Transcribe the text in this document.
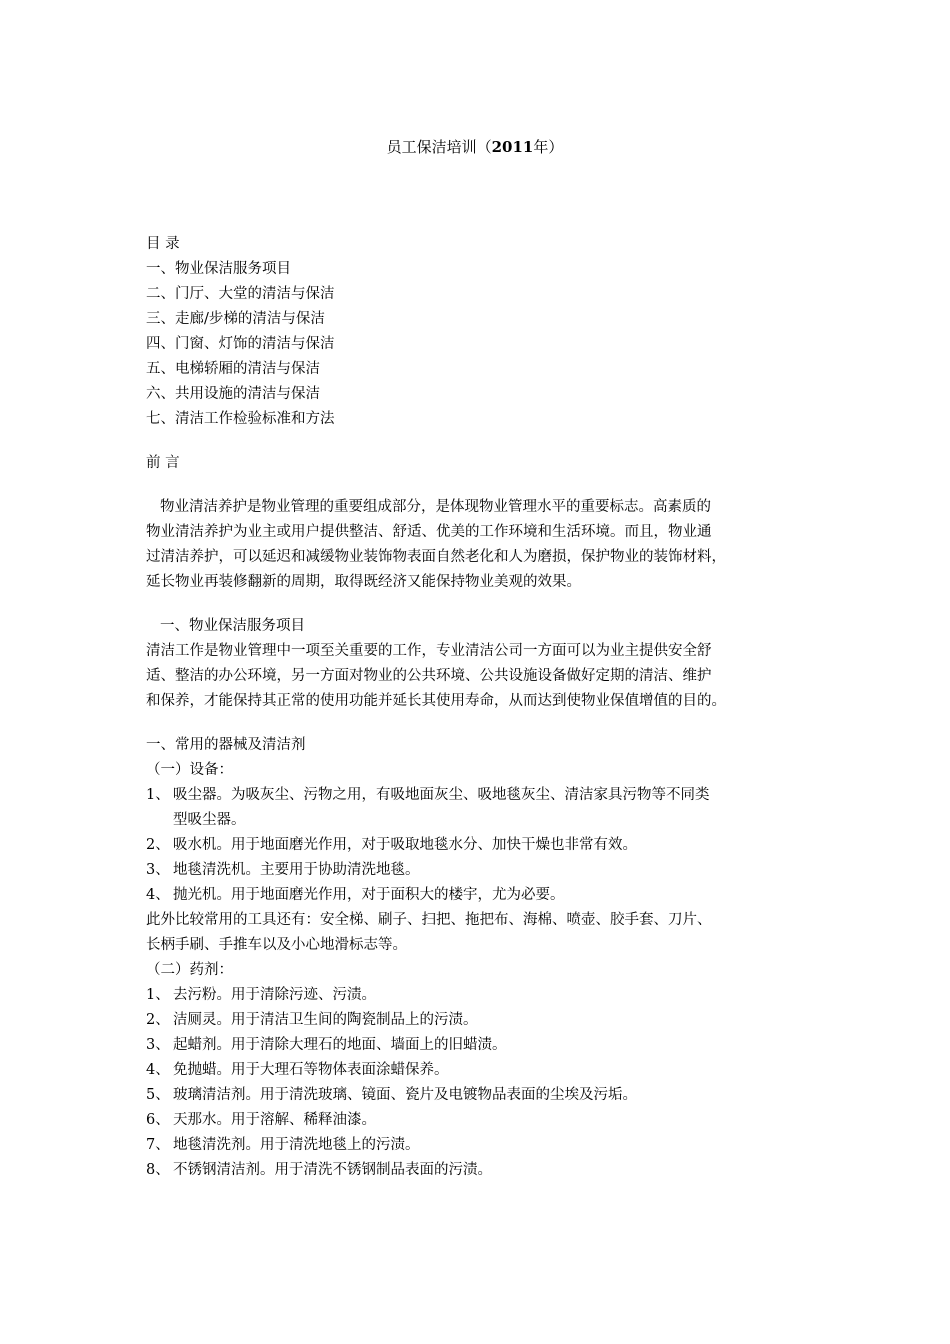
员工保洁培训（2011年）
目 录
一、物业保洁服务项目
二、门厅、大堂的清洁与保洁
三、走廊/步梯的清洁与保洁
四、门窗、灯饰的清洁与保洁
五、电梯轿厢的清洁与保洁
六、共用设施的清洁与保洁
七、清洁工作检验标准和方法
前 言
物业清洁养护是物业管理的重要组成部分，是体现物业管理水平的重要标志。高素质的
物业清洁养护为业主或用户提供整洁、舒适、优美的工作环境和生活环境。而且，物业通
过清洁养护，可以延迟和减缓物业装饰物表面自然老化和人为磨损，保护物业的装饰材料，
延长物业再装修翻新的周期，取得既经济又能保持物业美观的效果。
一、物业保洁服务项目
清洁工作是物业管理中一项至关重要的工作，专业清洁公司一方面可以为业主提供安全舒
适、整洁的办公环境，另一方面对物业的公共环境、公共设施设备做好定期的清洁、维护
和保养，才能保持其正常的使用功能并延长其使用寿命，从而达到使物业保值增值的目的。
一、常用的器械及清洁剂
（一）设备：
1、 吸尘器。为吸灰尘、污物之用，有吸地面灰尘、吸地毯灰尘、清洁家具污物等不同类
型吸尘器。
2、 吸水机。用于地面磨光作用，对于吸取地毯水分、加快干燥也非常有效。
3、 地毯清洗机。主要用于协助清洗地毯。
4、 抛光机。用于地面磨光作用，对于面积大的楼宇，尤为必要。
此外比较常用的工具还有：安全梯、刷子、扫把、拖把布、海棉、喷壶、胶手套、刀片、
长柄手刷、手推车以及小心地滑标志等。
（二）药剂：
1、 去污粉。用于清除污迹、污渍。
2、 洁厕灵。用于清洁卫生间的陶瓷制品上的污渍。
3、 起蜡剂。用于清除大理石的地面、墙面上的旧蜡渍。
4、 免抛蜡。用于大理石等物体表面涂蜡保养。
5、 玻璃清洁剂。用于清洗玻璃、镜面、瓷片及电镀物品表面的尘埃及污垢。
6、 天那水。用于溶解、稀释油漆。
7、 地毯清洗剂。用于清洗地毯上的污渍。
8、 不锈钢清洁剂。用于清洗不锈钢制品表面的污渍。
